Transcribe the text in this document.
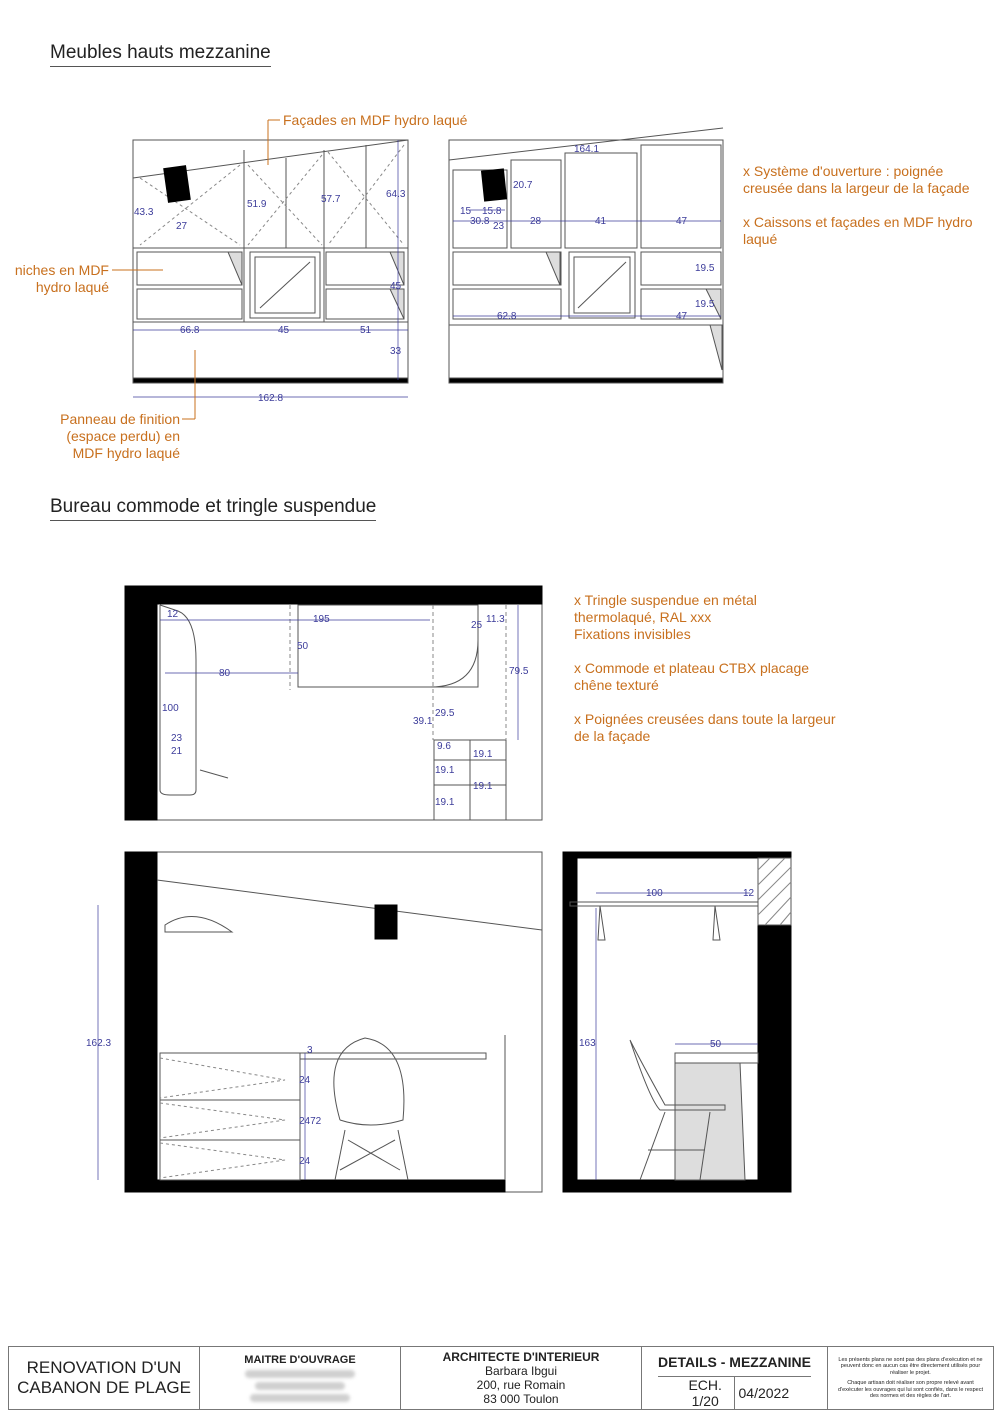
Meubles hauts mezzanine
Bureau commode et tringle suspendue
43.3
27
51.9	57.7	64.3
45
66.8	45	51
33
162.8
164.1
20.7
15 15.8
30.8 23	28	41	47
19.5
19.5
62.8	47
12	195	11.3
25
50
80	79.5
100	29.5
39.1
23
21	9.6
19.1
19.1
19.1
19.1
162.3
3
24
2472
24
100	12
163	50
Façades en MDF hydro laqué
niches en MDF
hydro laqué
Panneau de finition
(espace perdu) en
MDF hydro laqué
x Système d'ouverture : poignée
creusée dans la largeur de la façade
x Caissons et façades en MDF hydro
laqué
x Tringle suspendue en métal
thermolaqué, RAL xxx
Fixations invisibles
x Commode et plateau CTBX placage
chêne texturé
x Poignées creusées dans toute la largeur
de la façade
RENOVATION D'UN
CABANON DE PLAGE
MAITRE D'OUVRAGE	ARCHITECTE D'INTERIEUR
Barbara Ibgui
200, rue Romain
83 000 Toulon
DETAILS - MEZZANINE
ECH. 1/20	04/2022
Les présents plans ne sont pas des plans d'exécution et ne peuvent donc en aucun cas être directement utilisés pour réaliser le projet.
Chaque artisan doit réaliser son propre relevé avant d'exécuter les ouvrages qui lui sont confiés, dans le respect des normes et des règles de l'art.
